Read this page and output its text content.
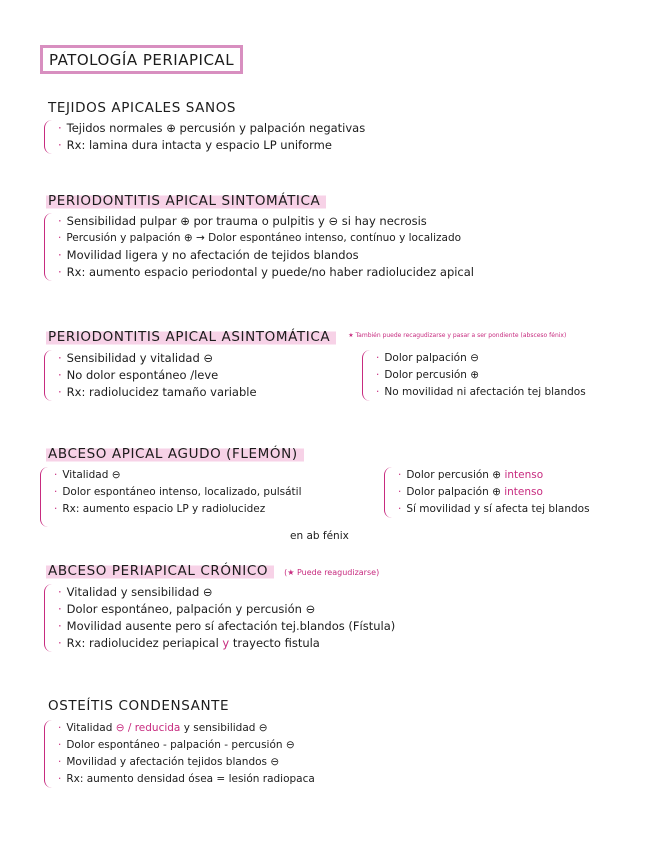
PATOLOGÍA PERIAPICAL
TEJIDOS APICALES SANOS
· Tejidos normales ⊕ percusión y palpación negativas
· Rx: lamina dura intacta y espacio LP uniforme
PERIODONTITIS APICAL SINTOMÁTICA
· Sensibilidad pulpar ⊕ por trauma o pulpitis y ⊖ si hay necrosis
· Percusión y palpación ⊕ → Dolor espontáneo intenso, contínuo y localizado
· Movilidad ligera y no afectación de tejidos blandos
· Rx: aumento espacio periodontal y puede/no haber radiolucidez apical
PERIODONTITIS APICAL ASINTOMÁTICA	$^{★ También puede recagudizarse y pasar a ser pondiente (absceso fénix)}$
· Sensibilidad y vitalidad ⊖
· No dolor espontáneo /leve
· Rx: radiolucidez tamaño variable
· Dolor palpación ⊖
· Dolor percusión ⊕
· No movilidad ni afectación tej blandos
ABCESO APICAL AGUDO (FLEMÓN)
· Vitalidad ⊖
· Dolor espontáneo intenso, localizado, pulsátil
· Rx: aumento espacio LP y radiolucidez
en ab fénix
· Dolor percusión ⊕ intenso
· Dolor palpación ⊕ intenso
· Sí movilidad y sí afecta tej blandos
ABCESO PERIAPICAL CRÓNICO (★ Puede reagudizarse)
· Vitalidad y sensibilidad ⊖
· Dolor espontáneo, palpación y percusión ⊖
· Movilidad ausente pero sí afectación tej.blandos (Fístula)
· Rx: radiolucidez periapical y trayecto fistula
OSTEÍTIS CONDENSANTE
· Vitalidad ⊖ / reducida y sensibilidad ⊖
· Dolor espontáneo - palpación - percusión ⊖
· Movilidad y afectación tejidos blandos ⊖
· Rx: aumento densidad ósea = lesión radiopaca
